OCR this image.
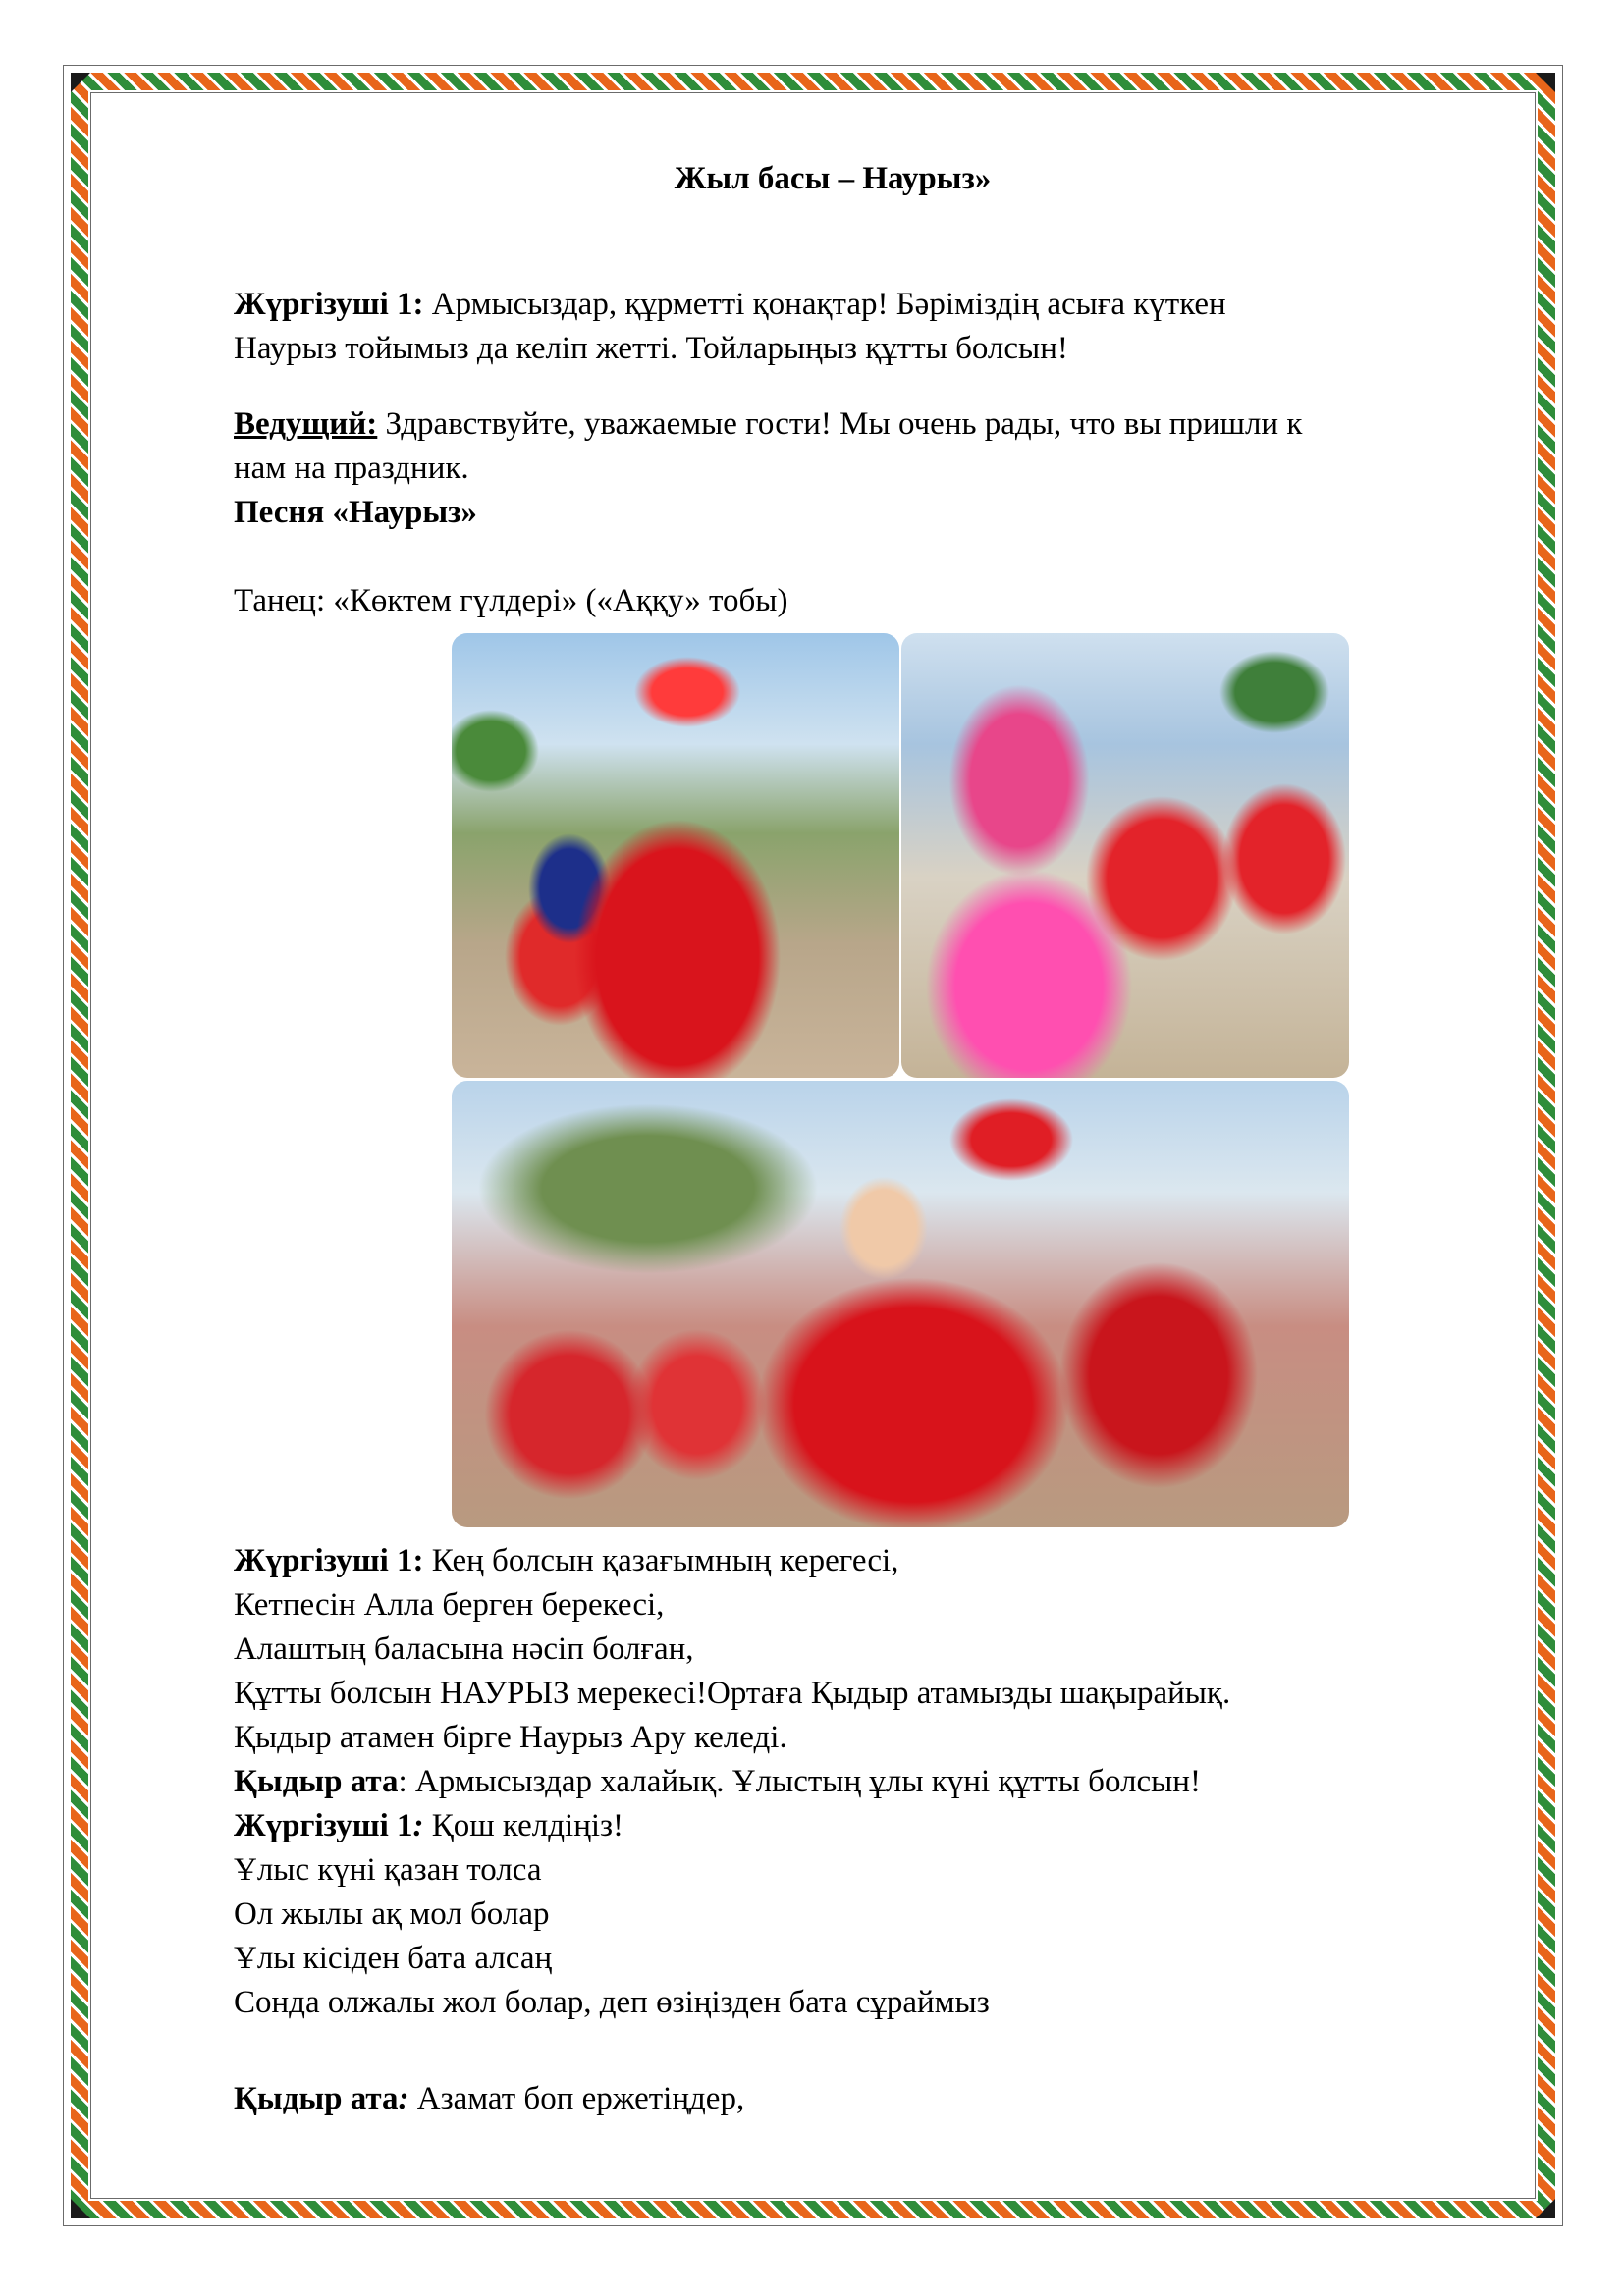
Жыл басы – Наурыз»
Жүргізуші 1: Армысыздар, құрметті қонақтар! Бәріміздің асыға күткен
Наурыз тойымыз да келіп жетті. Тойларыңыз құтты болсын!
Ведущий: Здравствуйте, уважаемые гости! Мы очень рады, что вы пришли к
нам на праздник.
Песня «Наурыз»
Танец: «Көктем гүлдері» («Аққу» тобы)
Жүргізуші 1: Кең болсын қазағымның керегесі,
Кетпесін Алла берген берекесі,
Алаштың баласына нәсіп болған,
Құтты болсын НАУРЫЗ мерекесі!Ортаға Қыдыр атамызды шақырайық.
Қыдыр атамен бірге Наурыз Ару келеді.
Қыдыр ата: Армысыздар халайық. Ұлыстың ұлы күні құтты болсын!
Жүргізуші 1: Қош келдіңіз!
Ұлыс күні қазан толса
Ол жылы ақ мол болар
Ұлы кісіден бата алсаң
Сонда олжалы жол болар, деп өзіңізден бата сұраймыз
Қыдыр ата: Азамат боп ержетіңдер,
